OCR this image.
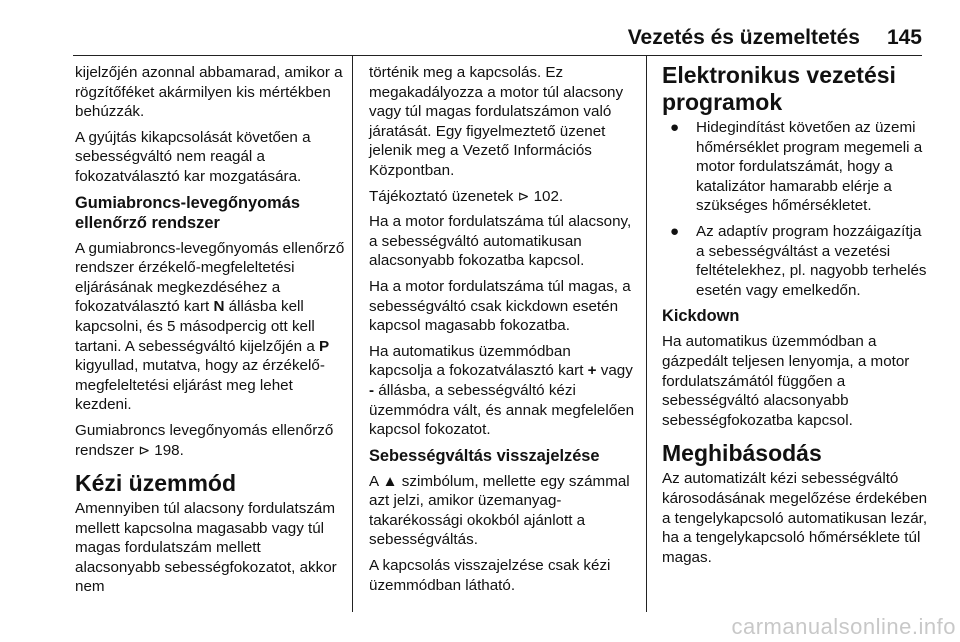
Vezetés és üzemeltetés 145

kijelzőjén azonnal abbamarad, amikor a rögzítőféket akármilyen kis mértékben behúzzák.

A gyújtás kikapcsolását követően a sebességváltó nem reagál a fokozatválasztó kar mozgatására.

Gumiabroncs-levegőnyomás ellenőrző rendszer

A gumiabroncs-levegőnyomás ellenőrző rendszer érzékelő-megfeleltetési eljárásának megkezdéséhez a fokozatválasztó kart N állásba kell kapcsolni, és 5 másodpercig ott kell tartani. A sebességváltó kijelzőjén a P kigyullad, mutatva, hogy az érzékelő-megfeleltetési eljárást meg lehet kezdeni.

Gumiabroncs levegőnyomás ellenőrző rendszer ⊳ 198.

Kézi üzemmód

Amennyiben túl alacsony fordulatszám mellett kapcsolna magasabb vagy túl magas fordulatszám mellett alacsonyabb sebességfokozatot, akkor nem

történik meg a kapcsolás. Ez megakadályozza a motor túl alacsony vagy túl magas fordulatszámon való járatását. Egy figyelmeztető üzenet jelenik meg a Vezető Információs Központban.

Tájékoztató üzenetek ⊳ 102.

Ha a motor fordulatszáma túl alacsony, a sebességváltó automatikusan alacsonyabb fokozatba kapcsol.

Ha a motor fordulatszáma túl magas, a sebességváltó csak kickdown esetén kapcsol magasabb fokozatba.

Ha automatikus üzemmódban kapcsolja a fokozatválasztó kart + vagy - állásba, a sebességváltó kézi üzemmódra vált, és annak megfelelően kapcsol fokozatot.

Sebességváltás visszajelzése

A ▲ szimbólum, mellette egy számmal azt jelzi, amikor üzemanyag-takarékossági okokból ajánlott a sebességváltás.

A kapcsolás visszajelzése csak kézi üzemmódban látható.

Elektronikus vezetési programok
● Hidegindítást követően az üzemi hőmérséklet program megemeli a motor fordulatszámát, hogy a katalizátor hamarabb elérje a szükséges hőmérsékletet.
● Az adaptív program hozzáigazítja a sebességváltást a vezetési feltételekhez, pl. nagyobb terhelés esetén vagy emelkedőn.
Kickdown

Ha automatikus üzemmódban a gázpedált teljesen lenyomja, a motor fordulatszámától függően a sebességváltó alacsonyabb sebességfokozatba kapcsol.

Meghibásodás

Az automatizált kézi sebességváltó károsodásának megelőzése érdekében a tengelykapcsoló automatikusan lezár, ha a tengelykapcsoló hőmérséklete túl magas.

carmanualsonline.info
